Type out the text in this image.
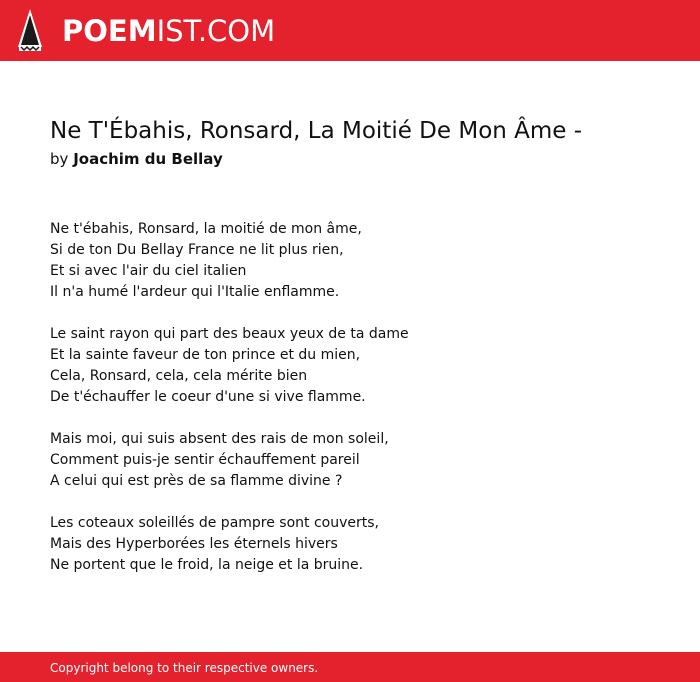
POEMIST.COM
Ne T'Ébahis, Ronsard, La Moitié De Mon Âme -
by Joachim du Bellay

Ne t'ébahis, Ronsard, la moitié de mon âme,
Si de ton Du Bellay France ne lit plus rien,
Et si avec l'air du ciel italien
Il n'a humé l'ardeur qui l'Italie enflamme.

Le saint rayon qui part des beaux yeux de ta dame
Et la sainte faveur de ton prince et du mien,
Cela, Ronsard, cela, cela mérite bien
De t'échauffer le coeur d'une si vive flamme.

Mais moi, qui suis absent des rais de mon soleil,
Comment puis-je sentir échauffement pareil
A celui qui est près de sa flamme divine ?

Les coteaux soleillés de pampre sont couverts,
Mais des Hyperborées les éternels hivers
Ne portent que le froid, la neige et la bruine.

Copyright belong to their respective owners.
